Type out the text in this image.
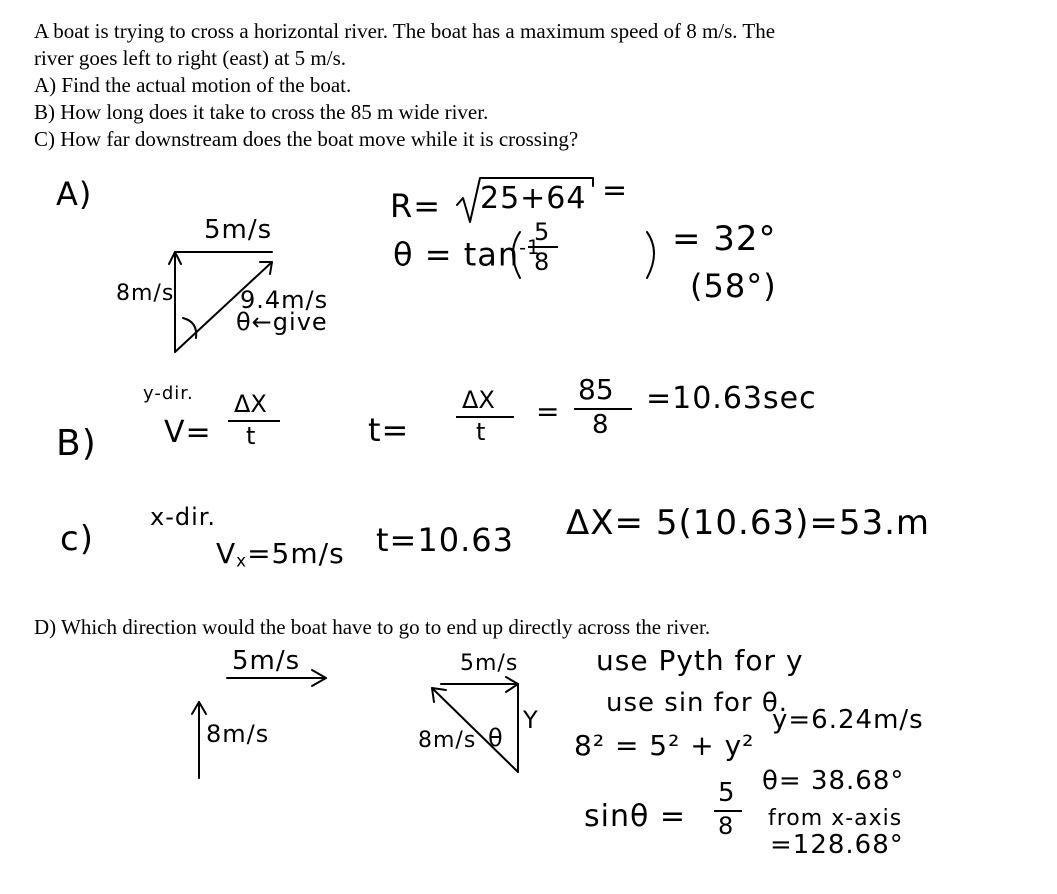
A boat is trying to cross a horizontal river. The boat has a maximum speed of 8 m/s. The

river goes left to right (east) at 5 m/s.

A) Find the actual motion of the boat.

B) How long does it take to cross the 85 m wide river.

C) How far downstream does the boat move while it is crossing?

D) Which direction would the boat have to go to end up directly across the river.

A)
5m/s
8m/s	9.4m/s
θ←give
R= 25+64 =
$\theta = \tan^{-1}$
5
8
= 32°
(58°)
B)
y-dir.
V=
ΔX
t	t=
ΔX
t
=
85
8
=10.63sec
c)
x-dir.
$V_x=5m/s$ t=10.63 ΔX= 5(10.63)=53.m
5m/s
8m/s
5m/s
8m/s θ
Y
use Pyth for y
use sin for θ.
8² = 5² + y²
y=6.24m/s
sinθ =
5
8
θ= 38.68°
from x-axis
=128.68°
